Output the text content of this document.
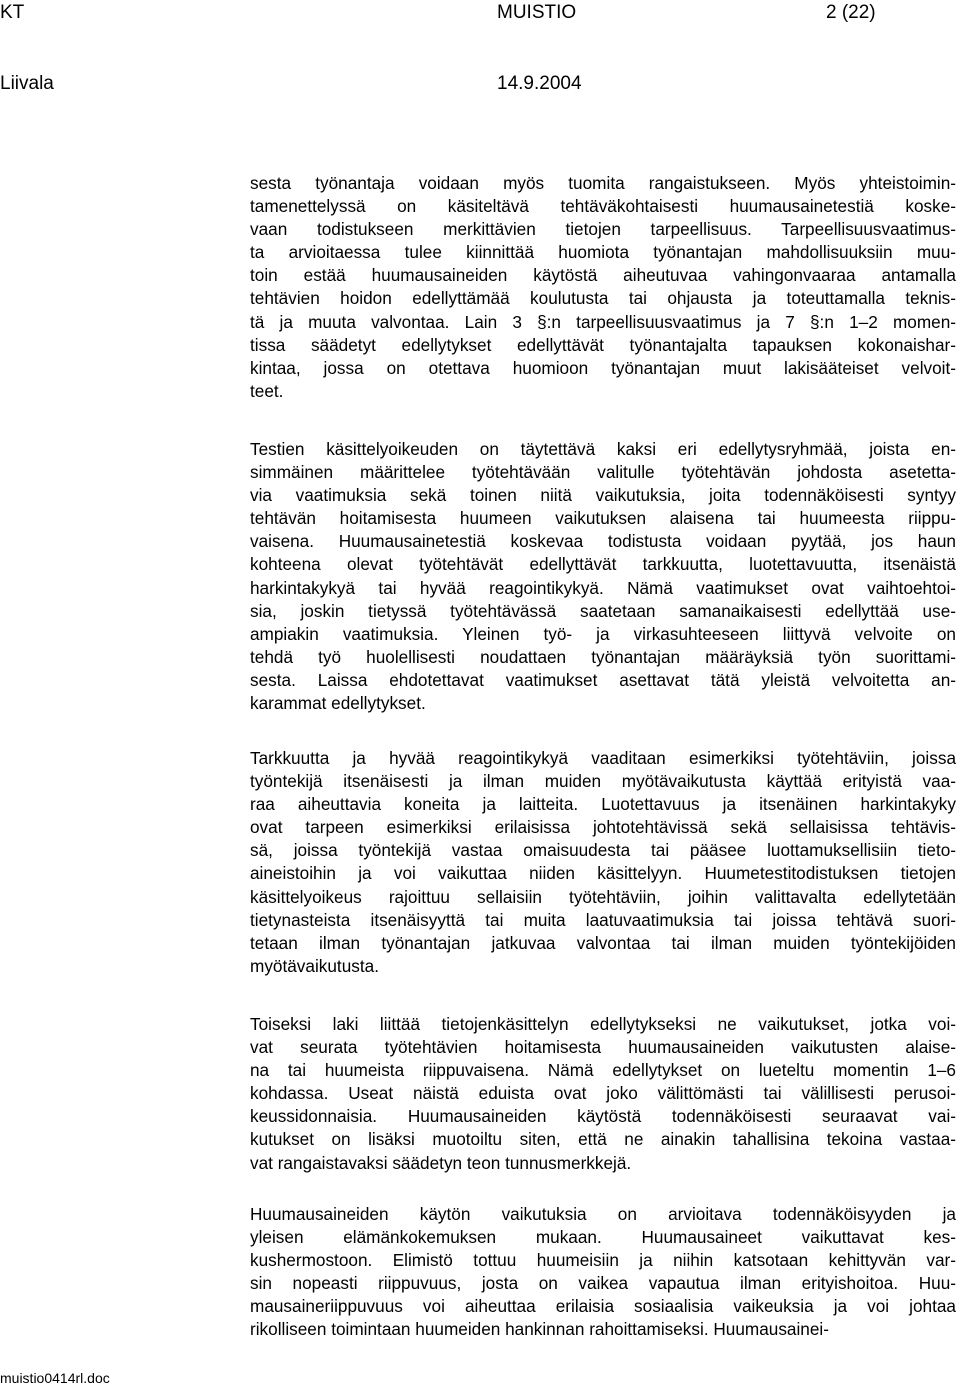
KT	MUISTIO	2 (22)
Liivala	14.9.2004
sesta työnantaja voidaan myös tuomita rangaistukseen. Myös yhteistoimin-
tamenettelyssä on käsiteltävä tehtäväkohtaisesti huumausainetestiä koske-
vaan todistukseen merkittävien tietojen tarpeellisuus. Tarpeellisuusvaatimus-
ta arvioitaessa tulee kiinnittää huomiota työnantajan mahdollisuuksiin muu-
toin estää huumausaineiden käytöstä aiheutuvaa vahingonvaaraa antamalla
tehtävien hoidon edellyttämää koulutusta tai ohjausta ja toteuttamalla teknis-
tä ja muuta valvontaa. Lain 3 §:n tarpeellisuusvaatimus ja 7 §:n 1–2 momen-
tissa säädetyt edellytykset edellyttävät työnantajalta tapauksen kokonaishar-
kintaa, jossa on otettava huomioon työnantajan muut lakisääteiset velvoit-
teet.
Testien käsittelyoikeuden on täytettävä kaksi eri edellytysryhmää, joista en-
simmäinen määrittelee työtehtävään valitulle työtehtävän johdosta asetetta-
via vaatimuksia sekä toinen niitä vaikutuksia, joita todennäköisesti syntyy
tehtävän hoitamisesta huumeen vaikutuksen alaisena tai huumeesta riippu-
vaisena. Huumausainetestiä koskevaa todistusta voidaan pyytää, jos haun
kohteena olevat työtehtävät edellyttävät tarkkuutta, luotettavuutta, itsenäistä
harkintakykyä tai hyvää reagointikykyä. Nämä vaatimukset ovat vaihtoehtoi-
sia, joskin tietyssä työtehtävässä saatetaan samanaikaisesti edellyttää use-
ampiakin vaatimuksia. Yleinen työ- ja virkasuhteeseen liittyvä velvoite on
tehdä työ huolellisesti noudattaen työnantajan määräyksiä työn suorittami-
sesta. Laissa ehdotettavat vaatimukset asettavat tätä yleistä velvoitetta an-
karammat edellytykset.
Tarkkuutta ja hyvää reagointikykyä vaaditaan esimerkiksi työtehtäviin, joissa
työntekijä itsenäisesti ja ilman muiden myötävaikutusta käyttää erityistä vaa-
raa aiheuttavia koneita ja laitteita. Luotettavuus ja itsenäinen harkintakyky
ovat tarpeen esimerkiksi erilaisissa johtotehtävissä sekä sellaisissa tehtävis-
sä, joissa työntekijä vastaa omaisuudesta tai pääsee luottamuksellisiin tieto-
aineistoihin ja voi vaikuttaa niiden käsittelyyn. Huumetestitodistuksen tietojen
käsittelyoikeus rajoittuu sellaisiin työtehtäviin, joihin valittavalta edellytetään
tietynasteista itsenäisyyttä tai muita laatuvaatimuksia tai joissa tehtävä suori-
tetaan ilman työnantajan jatkuvaa valvontaa tai ilman muiden työntekijöiden
myötävaikutusta.
Toiseksi laki liittää tietojenkäsittelyn edellytykseksi ne vaikutukset, jotka voi-
vat seurata työtehtävien hoitamisesta huumausaineiden vaikutusten alaise-
na tai huumeista riippuvaisena. Nämä edellytykset on lueteltu momentin 1–6
kohdassa. Useat näistä eduista ovat joko välittömästi tai välillisesti perusoi-
keussidonnaisia. Huumausaineiden käytöstä todennäköisesti seuraavat vai-
kutukset on lisäksi muotoiltu siten, että ne ainakin tahallisina tekoina vastaa-
vat rangaistavaksi säädetyn teon tunnusmerkkejä.
Huumausaineiden käytön vaikutuksia on arvioitava todennäköisyyden ja
yleisen elämänkokemuksen mukaan. Huumausaineet vaikuttavat kes-
kushermostoon. Elimistö tottuu huumeisiin ja niihin katsotaan kehittyvän var-
sin nopeasti riippuvuus, josta on vaikea vapautua ilman erityishoitoa. Huu-
mausaineriippuvuus voi aiheuttaa erilaisia sosiaalisia vaikeuksia ja voi johtaa
rikolliseen toimintaan huumeiden hankinnan rahoittamiseksi. Huumausainei-
muistio0414rl.doc
